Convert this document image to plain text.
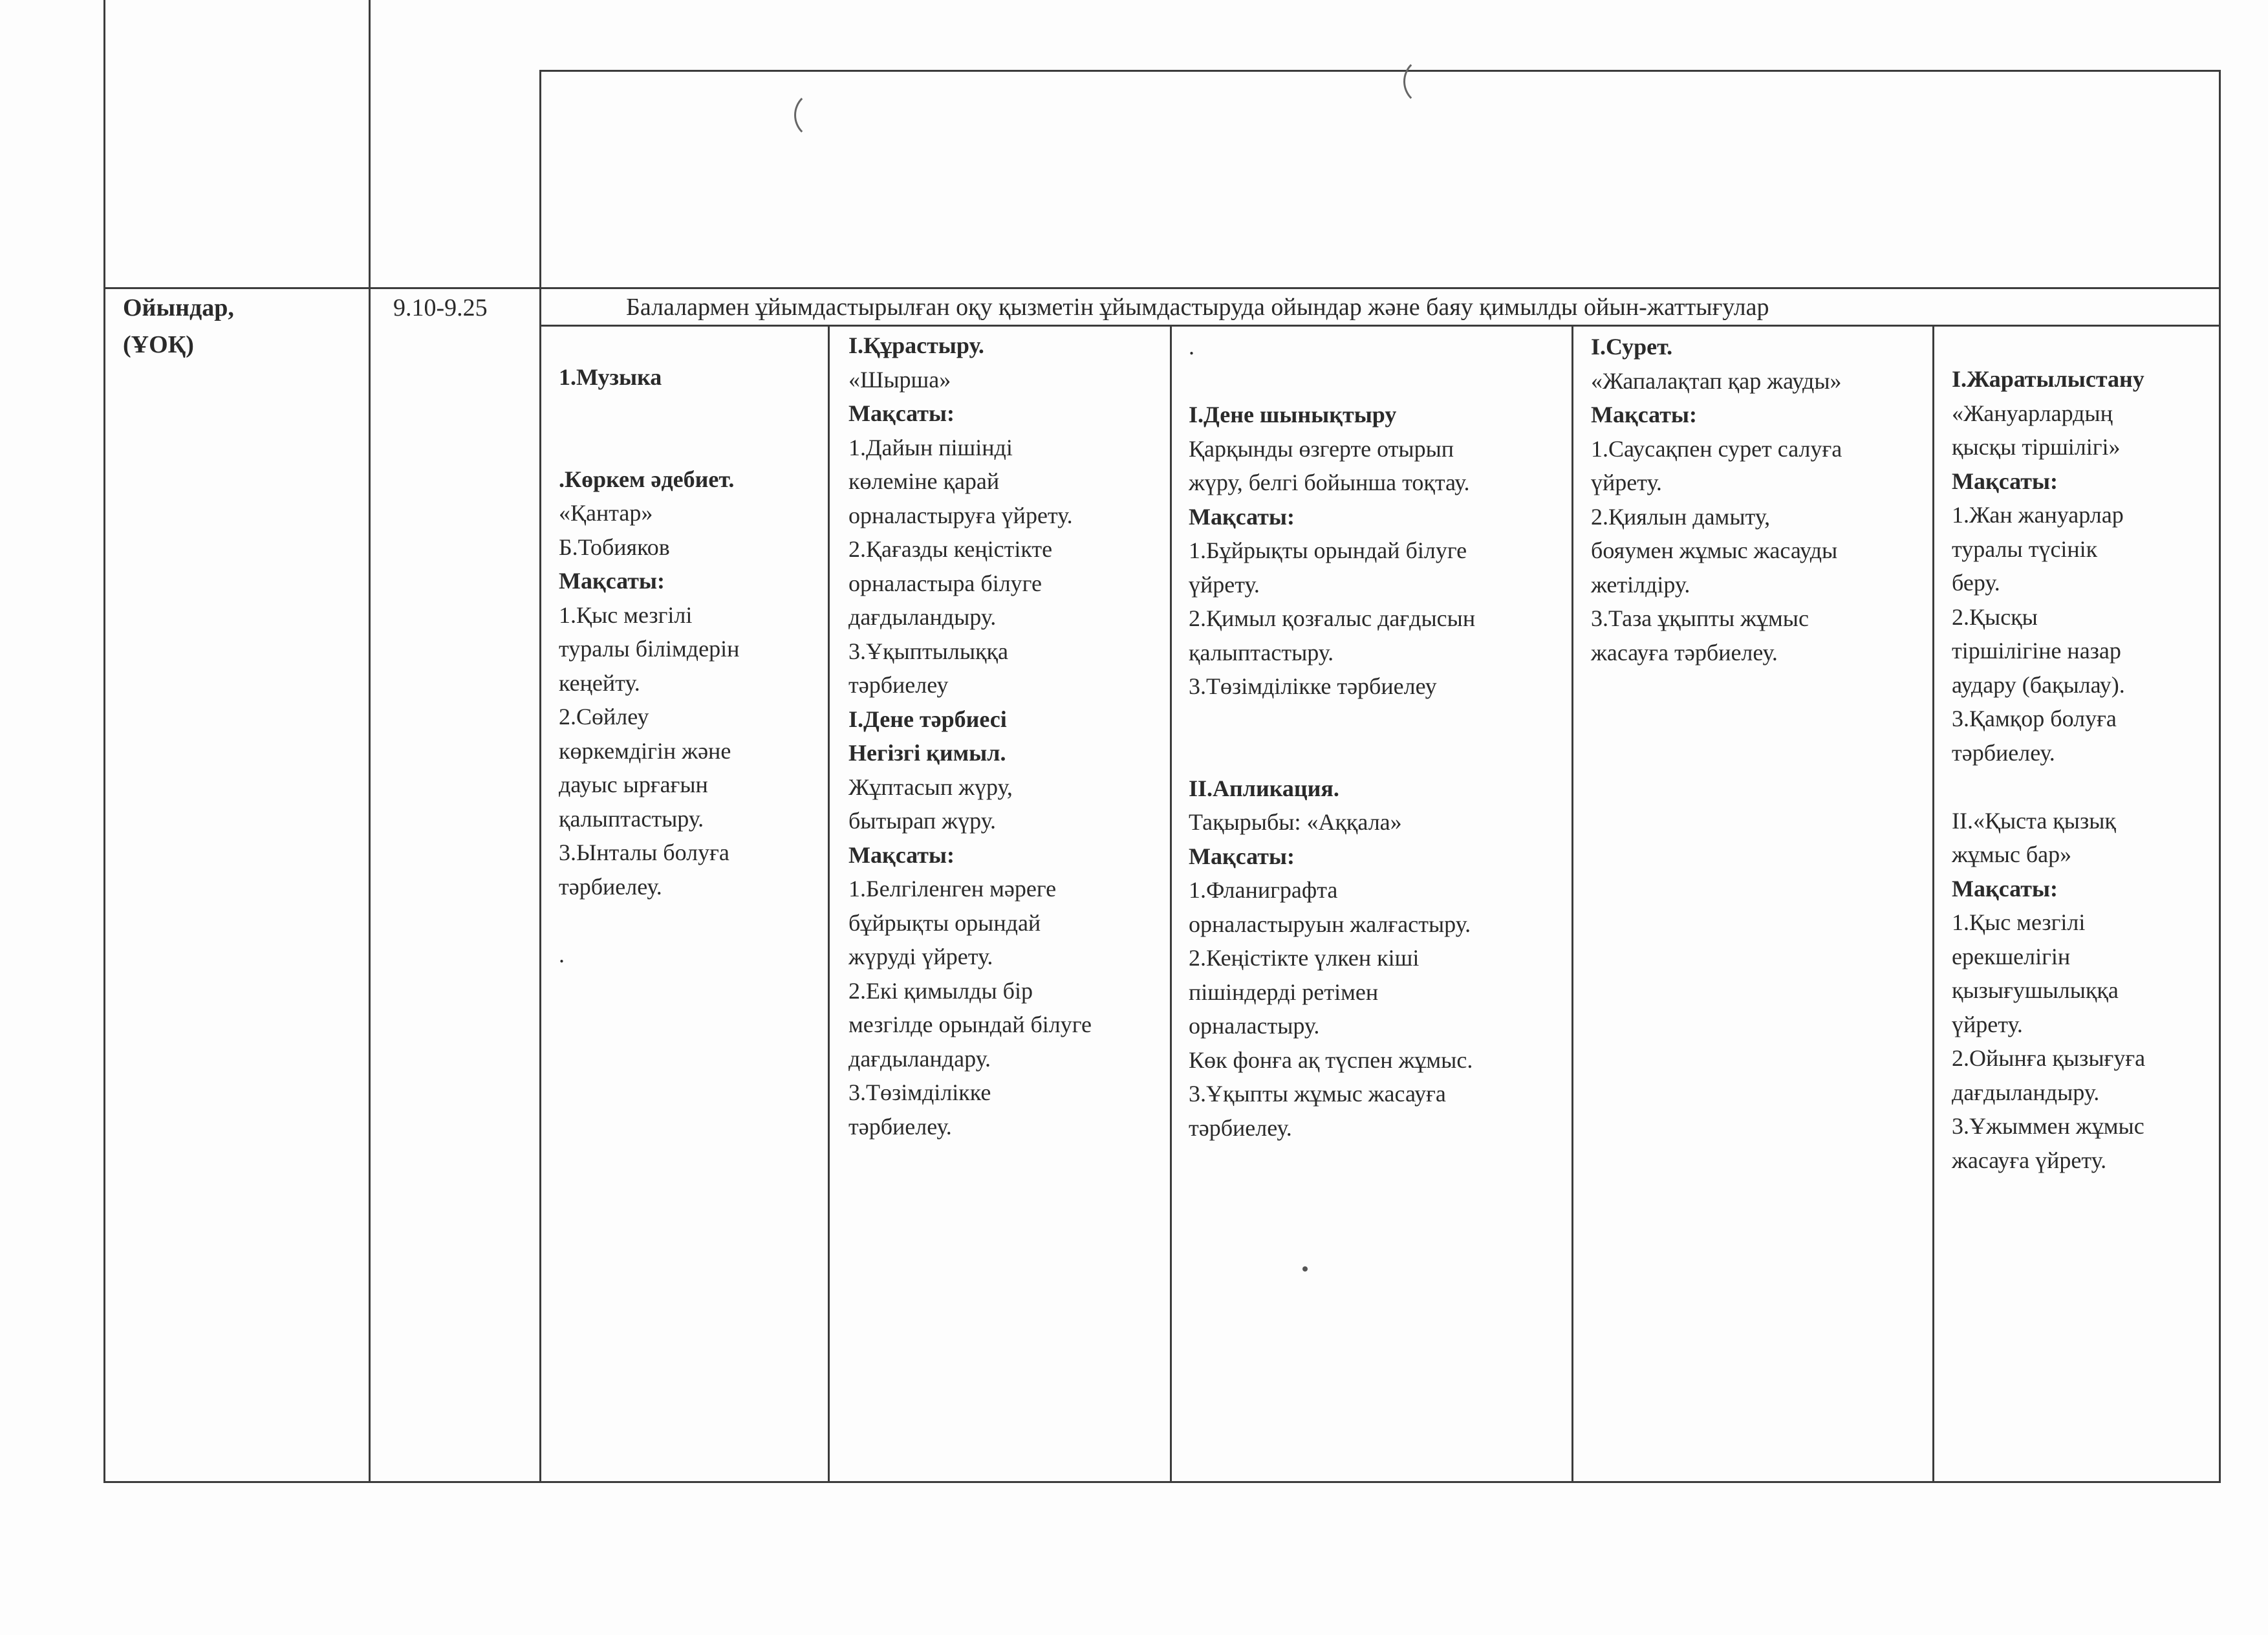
Ойындар,
(ҰОҚ)
9.10-9.25	Балалармен ұйымдастырылған оқу қызметін ұйымдастыруда ойындар және баяу қимылды ойын-жаттығулар
1.Музыка

.Көркем әдебиет.
«Қантар»
Б.Тобияков
Мақсаты:
1.Қыс мезгілі
туралы білімдерін
кеңейту.
2.Сөйлеу
көркемдігін және
дауыс ырғағын
қалыптастыру.
3.Ынталы болуға
тәрбиелеу.

.
І.Құрастыру.
«Шырша»
Мақсаты:
1.Дайын пішінді
көлеміне қарай
орналастыруға үйрету.
2.Қағазды кеңістікте
орналастыра білуге
дағдыландыру.
3.Ұқыптылыққа
тәрбиелеу
І.Дене тәрбиесі
Негізгі қимыл.
Жұптасып жүру,
бытырап жүру.
Мақсаты:
1.Белгіленген мәреге
бұйрықты орындай
жүруді үйрету.
2.Екі қимылды бір
мезгілде орындай білуге
дағдыландару.
3.Төзімділікке
тәрбиелеу.
.

І.Дене шынықтыру
Қарқынды өзгерте отырып
жүру, белгі бойынша тоқтау.
Мақсаты:
1.Бұйрықты орындай білуге
үйрету.
2.Қимыл қозғалыс дағдысын
қалыптастыру.
3.Төзімділікке тәрбиелеу

ІІ.Апликация.
Тақырыбы: «Аққала»
Мақсаты:
1.Фланиграфта
орналастыруын жалғастыру.
2.Кеңістікте үлкен кіші
пішіндерді ретімен
орналастыру.
Көк фонға ақ түспен жұмыс.
3.Ұқыпты жұмыс жасауға
тәрбиелеу.
І.Сурет.
«Жапалақтап қар жауды»
Мақсаты:
1.Саусақпен сурет салуға
үйрету.
2.Қиялын дамыту,
бояумен жұмыс жасауды
жетілдіру.
3.Таза ұқыпты жұмыс
жасауға тәрбиелеу.
І.Жаратылыстану
«Жануарлардың
қысқы тіршілігі»
Мақсаты:
1.Жан жануарлар
туралы түсінік
беру.
2.Қысқы
тіршілігіне назар
аудару (бақылау).
3.Қамқор болуға
тәрбиелеу.

ІІ.«Қыста қызық
жұмыс бар»
Мақсаты:
1.Қыс мезгілі
ерекшелігін
қызығушылыққа
үйрету.
2.Ойынға қызығуға
дағдыландыру.
3.Ұжыммен жұмыс
жасауға үйрету.
